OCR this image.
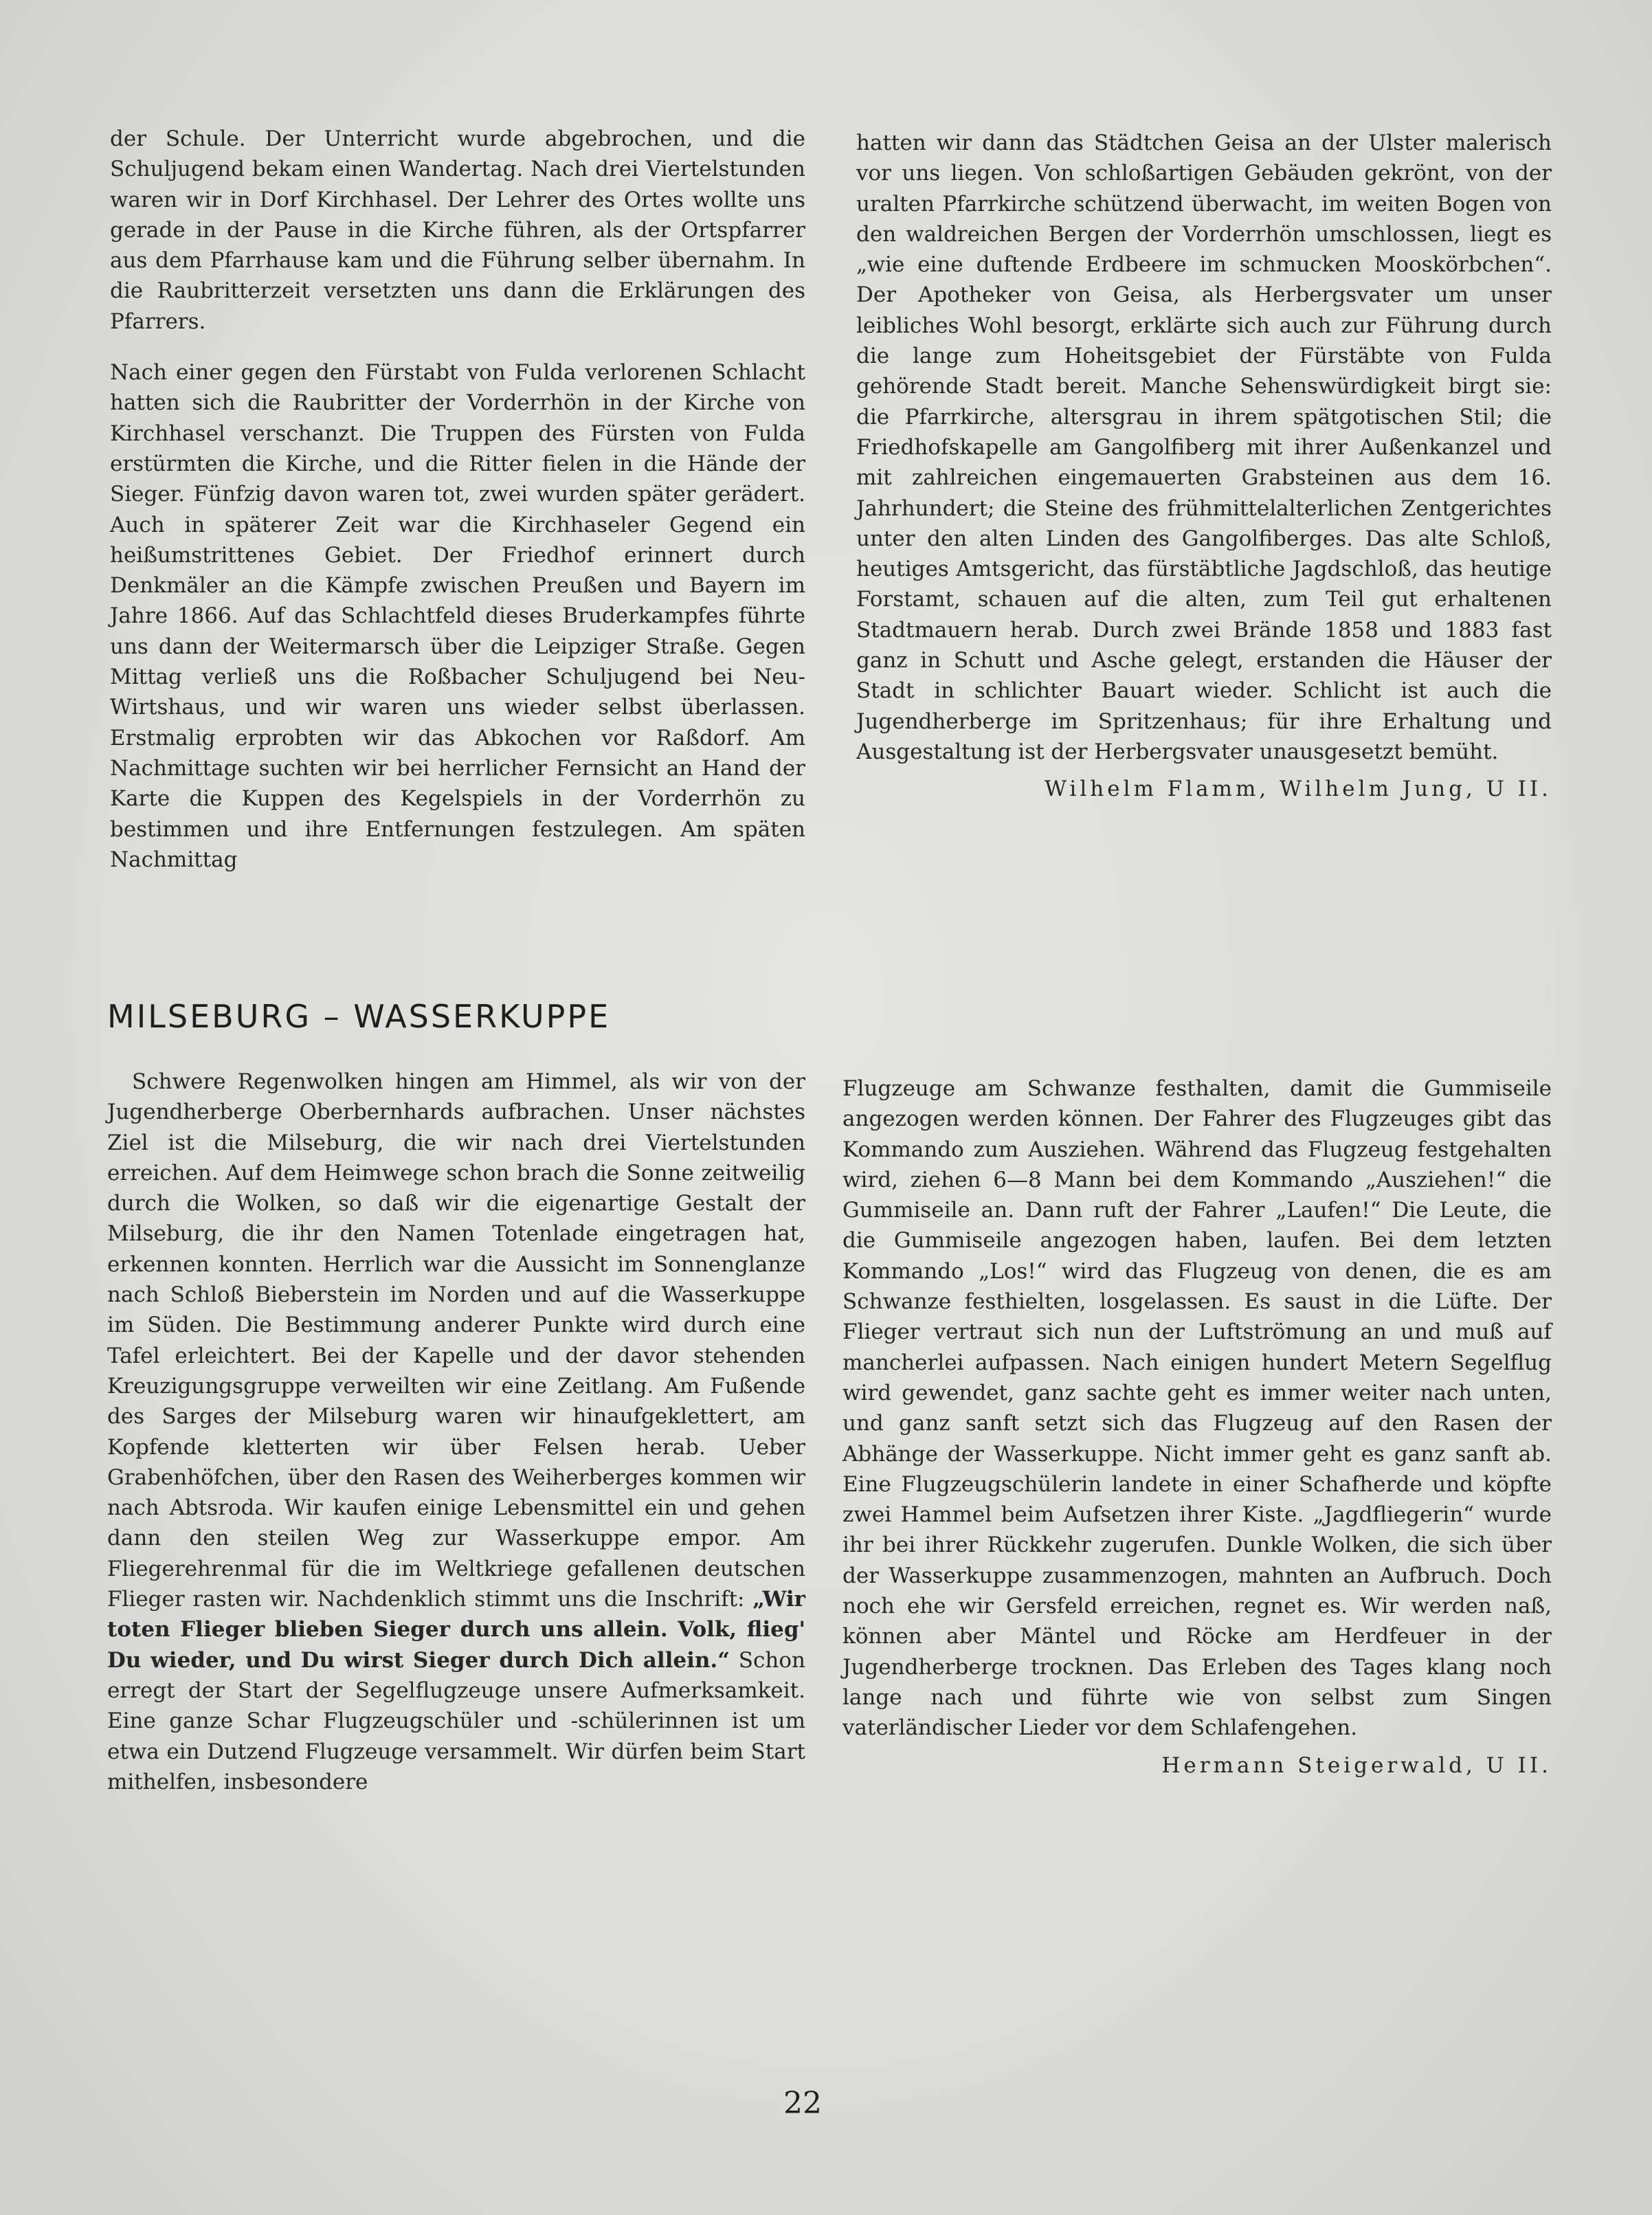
der Schule. Der Unterricht wurde abgebrochen, und die Schuljugend bekam einen Wandertag. Nach drei Viertelstunden waren wir in Dorf Kirchhasel. Der Lehrer des Ortes wollte uns gerade in der Pause in die Kirche führen, als der Ortspfarrer aus dem Pfarrhause kam und die Führung selber übernahm. In die Raubritterzeit versetzten uns dann die Erklärungen des Pfarrers.

Nach einer gegen den Fürstabt von Fulda verlorenen Schlacht hatten sich die Raubritter der Vorderrhön in der Kirche von Kirchhasel verschanzt. Die Truppen des Fürsten von Fulda erstürmten die Kirche, und die Ritter fielen in die Hände der Sieger. Fünfzig davon waren tot, zwei wurden später gerädert. Auch in späterer Zeit war die Kirchhaseler Gegend ein heißumstrittenes Gebiet. Der Friedhof erinnert durch Denkmäler an die Kämpfe zwischen Preußen und Bayern im Jahre 1866. Auf das Schlachtfeld dieses Bruderkampfes führte uns dann der Weitermarsch über die Leipziger Straße. Gegen Mittag verließ uns die Roßbacher Schuljugend bei Neu-Wirtshaus, und wir waren uns wieder selbst überlassen. Erstmalig erprobten wir das Abkochen vor Raßdorf. Am Nachmittage suchten wir bei herrlicher Fernsicht an Hand der Karte die Kuppen des Kegelspiels in der Vorderrhön zu bestimmen und ihre Entfernungen festzulegen. Am späten Nachmittag

hatten wir dann das Städtchen Geisa an der Ulster malerisch vor uns liegen. Von schloßartigen Gebäuden gekrönt, von der uralten Pfarrkirche schützend überwacht, im weiten Bogen von den waldreichen Bergen der Vorderrhön umschlossen, liegt es „wie eine duftende Erdbeere im schmucken Mooskörbchen“. Der Apotheker von Geisa, als Herbergsvater um unser leibliches Wohl besorgt, erklärte sich auch zur Führung durch die lange zum Hoheitsgebiet der Fürstäbte von Fulda gehörende Stadt bereit. Manche Sehenswürdigkeit birgt sie: die Pfarrkirche, altersgrau in ihrem spätgotischen Stil; die Friedhofskapelle am Gangolfiberg mit ihrer Außenkanzel und mit zahlreichen eingemauerten Grabsteinen aus dem 16. Jahrhundert; die Steine des frühmittelalterlichen Zentgerichtes unter den alten Linden des Gangolfiberges. Das alte Schloß, heutiges Amtsgericht, das fürstäbtliche Jagdschloß, das heutige Forstamt, schauen auf die alten, zum Teil gut erhaltenen Stadtmauern herab. Durch zwei Brände 1858 und 1883 fast ganz in Schutt und Asche gelegt, erstanden die Häuser der Stadt in schlichter Bauart wieder. Schlicht ist auch die Jugendherberge im Spritzenhaus; für ihre Erhaltung und Ausgestaltung ist der Herbergsvater unausgesetzt bemüht.

Wilhelm Flamm, Wilhelm Jung, U II.
MILSEBURG – WASSERKUPPE

Schwere Regenwolken hingen am Himmel, als wir von der Jugendherberge Oberbernhards aufbrachen. Unser nächstes Ziel ist die Milseburg, die wir nach drei Viertelstunden erreichen. Auf dem Heimwege schon brach die Sonne zeitweilig durch die Wolken, so daß wir die eigenartige Gestalt der Milseburg, die ihr den Namen Totenlade eingetragen hat, erkennen konnten. Herrlich war die Aussicht im Sonnenglanze nach Schloß Bieberstein im Norden und auf die Wasserkuppe im Süden. Die Bestimmung anderer Punkte wird durch eine Tafel erleichtert. Bei der Kapelle und der davor stehenden Kreuzigungsgruppe verweilten wir eine Zeitlang. Am Fußende des Sarges der Milseburg waren wir hinaufgeklettert, am Kopfende kletterten wir über Felsen herab. Ueber Grabenhöfchen, über den Rasen des Weiherberges kommen wir nach Abtsroda. Wir kaufen einige Lebensmittel ein und gehen dann den steilen Weg zur Wasserkuppe empor. Am Fliegerehrenmal für die im Weltkriege gefallenen deutschen Flieger rasten wir. Nachdenklich stimmt uns die Inschrift: „Wir toten Flieger blieben Sieger durch uns allein. Volk, flieg' Du wieder, und Du wirst Sieger durch Dich allein.“ Schon erregt der Start der Segelflugzeuge unsere Aufmerksamkeit. Eine ganze Schar Flugzeugschüler und -schülerinnen ist um etwa ein Dutzend Flugzeuge versammelt. Wir dürfen beim Start mithelfen, insbesondere

Flugzeuge am Schwanze festhalten, damit die Gummiseile angezogen werden können. Der Fahrer des Flugzeuges gibt das Kommando zum Ausziehen. Während das Flugzeug festgehalten wird, ziehen 6—8 Mann bei dem Kommando „Ausziehen!“ die Gummiseile an. Dann ruft der Fahrer „Laufen!“ Die Leute, die die Gummiseile angezogen haben, laufen. Bei dem letzten Kommando „Los!“ wird das Flugzeug von denen, die es am Schwanze festhielten, losgelassen. Es saust in die Lüfte. Der Flieger vertraut sich nun der Luftströmung an und muß auf mancherlei aufpassen. Nach einigen hundert Metern Segelflug wird gewendet, ganz sachte geht es immer weiter nach unten, und ganz sanft setzt sich das Flugzeug auf den Rasen der Abhänge der Wasserkuppe. Nicht immer geht es ganz sanft ab. Eine Flugzeugschülerin landete in einer Schafherde und köpfte zwei Hammel beim Aufsetzen ihrer Kiste. „Jagdfliegerin“ wurde ihr bei ihrer Rückkehr zugerufen. Dunkle Wolken, die sich über der Wasserkuppe zusammenzogen, mahnten an Aufbruch. Doch noch ehe wir Gersfeld erreichen, regnet es. Wir werden naß, können aber Mäntel und Röcke am Herdfeuer in der Jugendherberge trocknen. Das Erleben des Tages klang noch lange nach und führte wie von selbst zum Singen vaterländischer Lieder vor dem Schlafengehen.

Hermann Steigerwald, U II.
22
